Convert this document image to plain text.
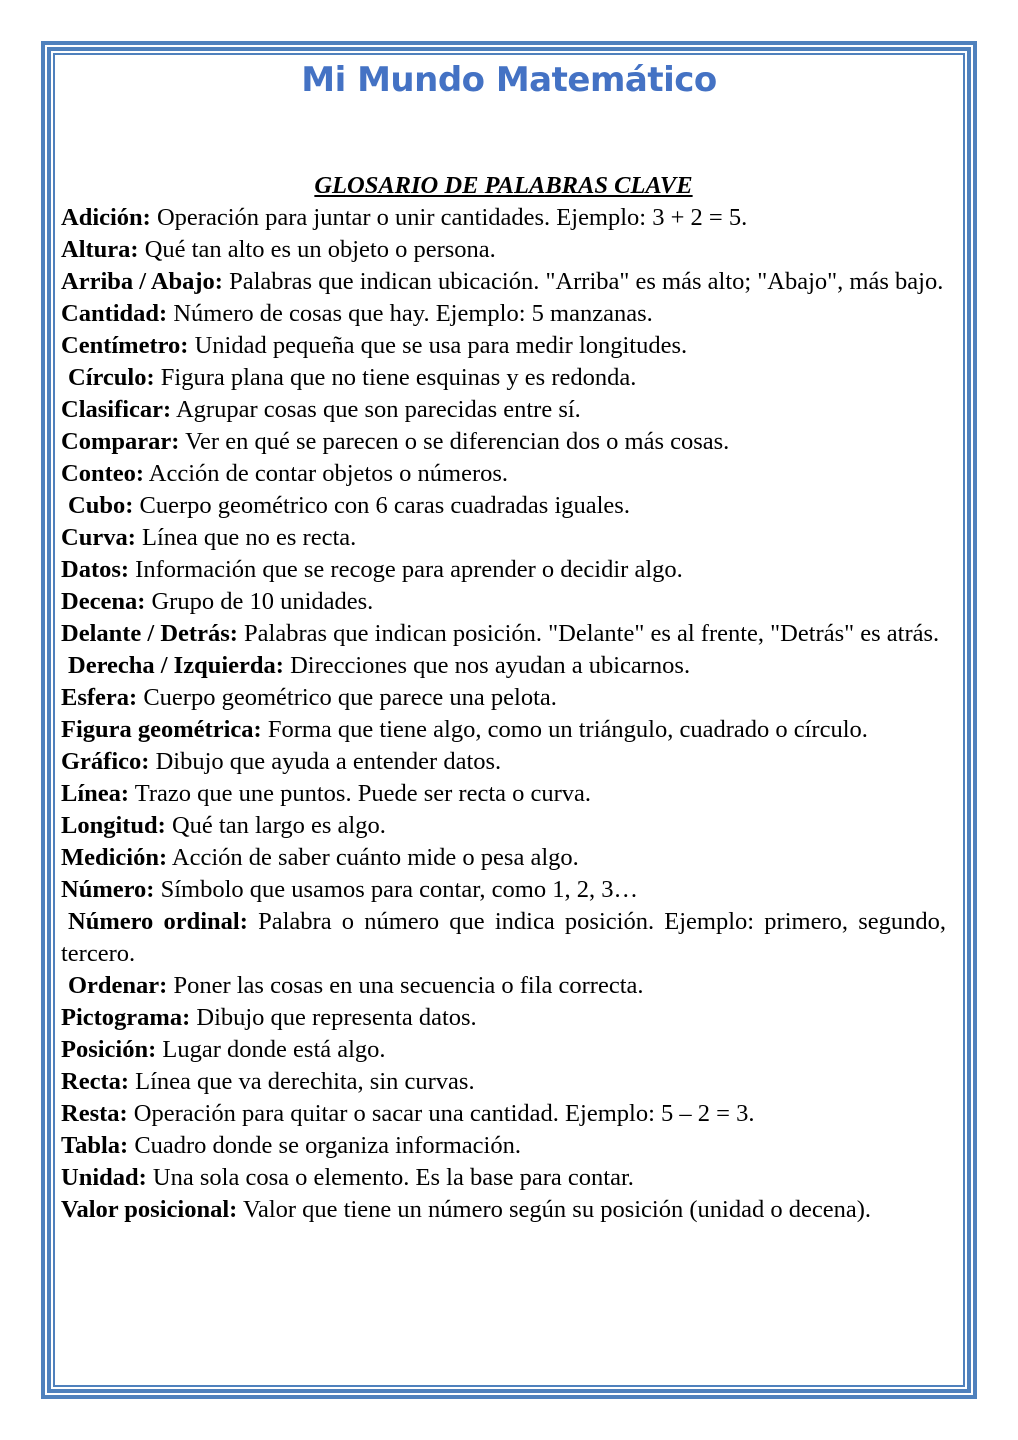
Mi Mundo Matemático

GLOSARIO DE PALABRAS CLAVE

Adición: Operación para juntar o unir cantidades. Ejemplo: 3 + 2 = 5.

Altura: Qué tan alto es un objeto o persona.

Arriba / Abajo: Palabras que indican ubicación. "Arriba" es más alto; "Abajo", más bajo.

Cantidad: Número de cosas que hay. Ejemplo: 5 manzanas.

Centímetro: Unidad pequeña que se usa para medir longitudes.

Círculo: Figura plana que no tiene esquinas y es redonda.

Clasificar: Agrupar cosas que son parecidas entre sí.

Comparar: Ver en qué se parecen o se diferencian dos o más cosas.

Conteo: Acción de contar objetos o números.

Cubo: Cuerpo geométrico con 6 caras cuadradas iguales.

Curva: Línea que no es recta.

Datos: Información que se recoge para aprender o decidir algo.

Decena: Grupo de 10 unidades.

Delante / Detrás: Palabras que indican posición. "Delante" es al frente, "Detrás" es atrás.

Derecha / Izquierda: Direcciones que nos ayudan a ubicarnos.

Esfera: Cuerpo geométrico que parece una pelota.

Figura geométrica: Forma que tiene algo, como un triángulo, cuadrado o círculo.

Gráfico: Dibujo que ayuda a entender datos.

Línea: Trazo que une puntos. Puede ser recta o curva.

Longitud: Qué tan largo es algo.

Medición: Acción de saber cuánto mide o pesa algo.

Número: Símbolo que usamos para contar, como 1, 2, 3…

Número ordinal: Palabra o número que indica posición. Ejemplo: primero, segundo, tercero.

Ordenar: Poner las cosas en una secuencia o fila correcta.

Pictograma: Dibujo que representa datos.

Posición: Lugar donde está algo.

Recta: Línea que va derechita, sin curvas.

Resta: Operación para quitar o sacar una cantidad. Ejemplo: 5 – 2 = 3.

Tabla: Cuadro donde se organiza información.

Unidad: Una sola cosa o elemento. Es la base para contar.

Valor posicional: Valor que tiene un número según su posición (unidad o decena).
